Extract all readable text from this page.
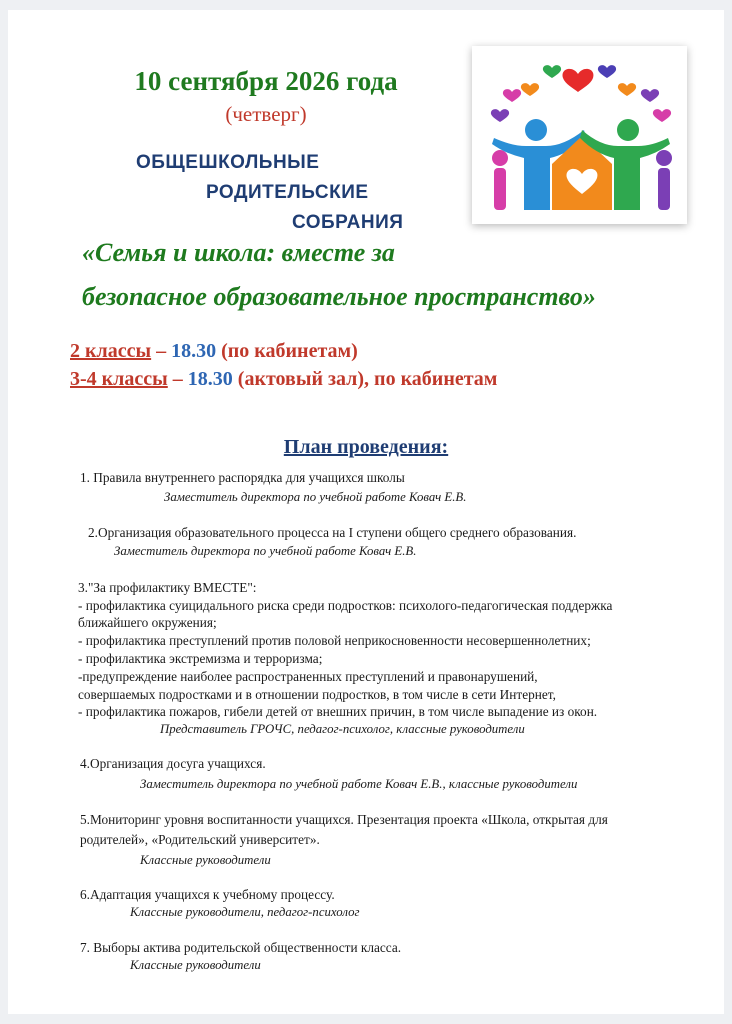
10 сентября 2026 года
(четверг)
ОБЩЕШКОЛЬНЫЕ
РОДИТЕЛЬСКИЕ
СОБРАНИЯ
«Семья и школа: вместе за
безопасное образовательное пространство»
2 классы – 18.30 (по кабинетам)
3-4 классы – 18.30 (актовый зал), по кабинетам
План проведения:
1. Правила внутреннего распорядка для учащихся школы
Заместитель директора по учебной работе Ковач Е.В.
2.Организация образовательного процесса на I ступени общего среднего образования.
Заместитель директора по учебной работе Ковач Е.В.
3."За профилактику ВМЕСТЕ":
- профилактика суицидального риска среди подростков: психолого-педагогическая поддержка
ближайшего окружения;
- профилактика преступлений против половой неприкосновенности несовершеннолетних;
- профилактика экстремизма и терроризма;
-предупреждение наиболее распространенных преступлений и правонарушений,
совершаемых подростками и в отношении подростков, в том числе в сети Интернет,
- профилактика пожаров, гибели детей от внешних причин, в том числе выпадение из окон.
Представитель ГРОЧС, педагог-психолог, классные руководители
4.Организация досуга учащихся.
Заместитель директора по учебной работе Ковач Е.В., классные руководители
5.Мониторинг уровня воспитанности учащихся. Презентация проекта «Школа, открытая для
родителей», «Родительский университет».
Классные руководители
6.Адаптация учащихся к учебному процессу.
Классные руководители, педагог-психолог
7. Выборы актива родительской общественности класса.
Классные руководители
